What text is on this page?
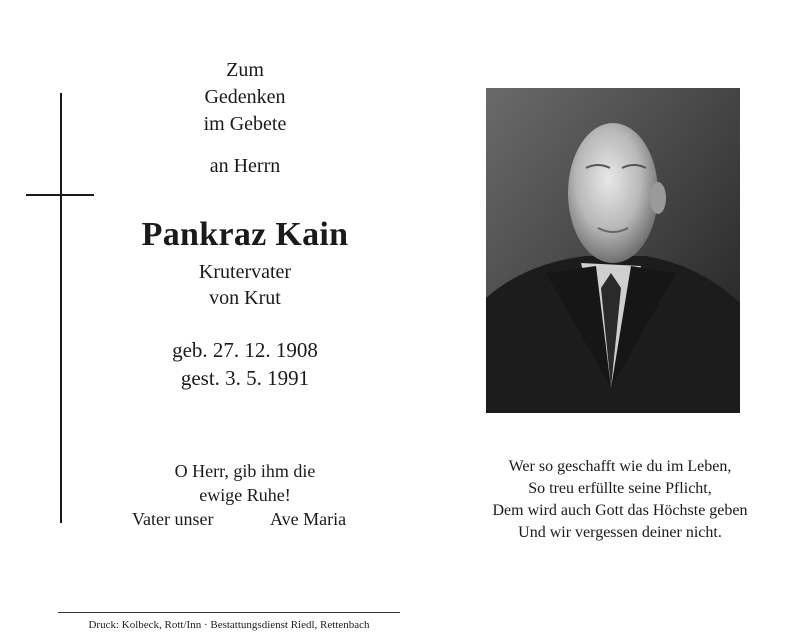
Zum
Gedenken
im Gebete
an Herrn
Pankraz Kain
Krutervater
von Krut
geb. 27. 12. 1908
gest. 3. 5. 1991
O Herr, gib ihm die
ewige Ruhe!
Vater unser	Ave Maria
Wer so geschafft wie du im Leben,
So treu erfüllte seine Pflicht,
Dem wird auch Gott das Höchste geben
Und wir vergessen deiner nicht.
Druck: Kolbeck, Rott/Inn · Bestattungsdienst Riedl, Rettenbach
